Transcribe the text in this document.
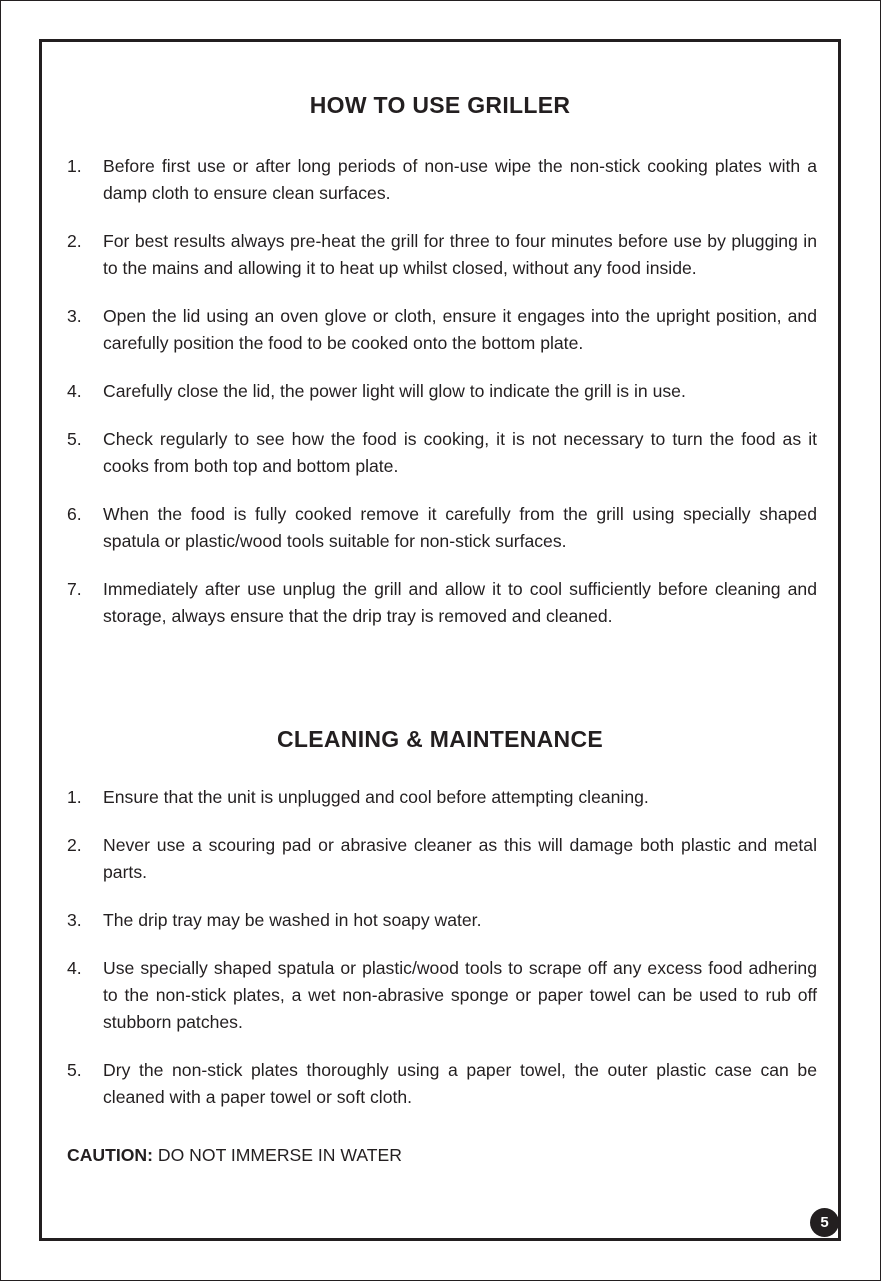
HOW TO USE GRILLER
1. Before first use or after long periods of non-use wipe the non-stick cooking plates with a damp cloth to ensure clean surfaces.
2. For best results always pre-heat the grill for three to four minutes before use by plugging in to the mains and allowing it to heat up whilst closed, without any food inside.
3. Open the lid using an oven glove or cloth, ensure it engages into the upright position, and carefully position the food to be cooked onto the bottom plate.
4. Carefully close the lid, the power light will glow to indicate the grill is in use.
5. Check regularly to see how the food is cooking, it is not necessary to turn the food as it cooks from both top and bottom plate.
6. When the food is fully cooked remove it carefully from the grill using specially shaped spatula or plastic/wood tools suitable for non-stick surfaces.
7. Immediately after use unplug the grill and allow it to cool sufficiently before cleaning and storage, always ensure that the drip tray is removed and cleaned.
CLEANING & MAINTENANCE
1. Ensure that the unit is unplugged and cool before attempting cleaning.
2. Never use a scouring pad or abrasive cleaner as this will damage both plastic and metal parts.
3. The drip tray may be washed in hot soapy water.
4. Use specially shaped spatula or plastic/wood tools to scrape off any excess food adhering to the non-stick plates, a wet non-abrasive sponge or paper towel can be used to rub off stubborn patches.
5. Dry the non-stick plates thoroughly using a paper towel, the outer plastic case can be cleaned with a paper towel or soft cloth.

CAUTION: DO NOT IMMERSE IN WATER

5
